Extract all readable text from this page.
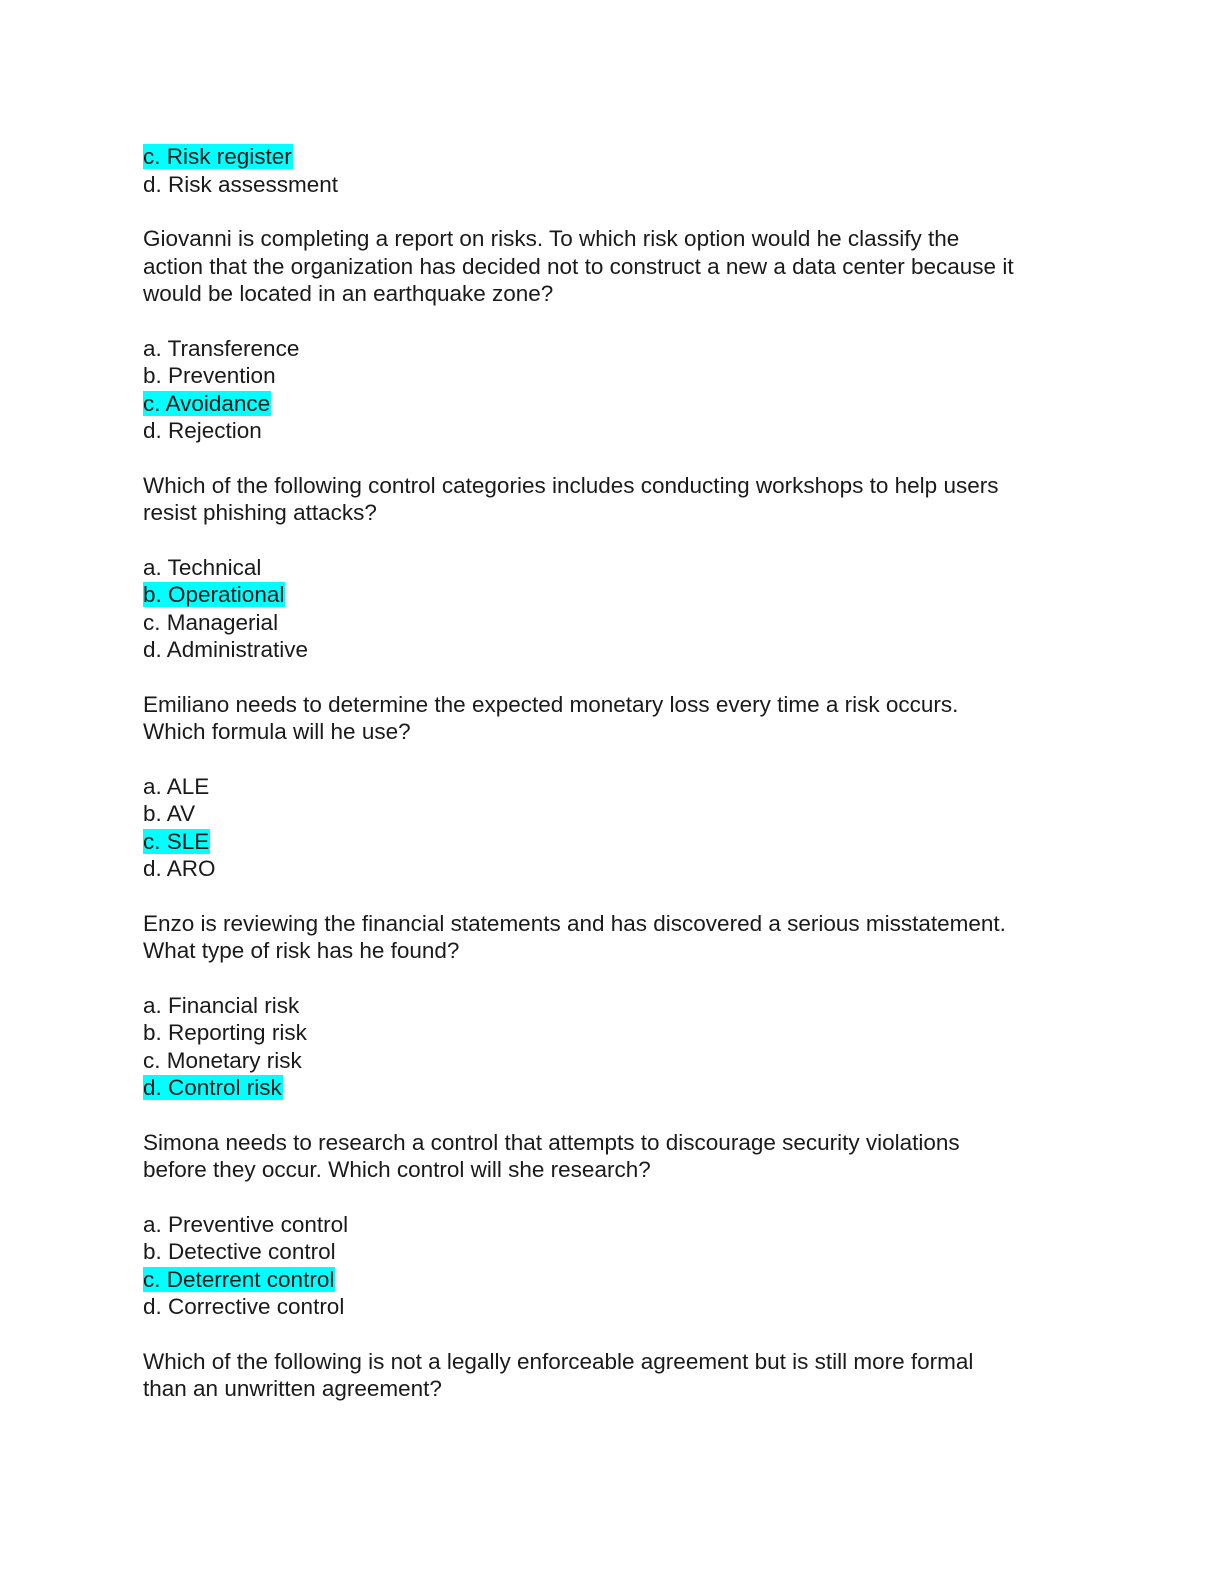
c. Risk register
d. Risk assessment
Giovanni is completing a report on risks. To which risk option would he classify the
action that the organization has decided not to construct a new a data center because it
would be located in an earthquake zone?
a. Transference
b. Prevention
c. Avoidance
d. Rejection
Which of the following control categories includes conducting workshops to help users
resist phishing attacks?
a. Technical
b. Operational
c. Managerial
d. Administrative
Emiliano needs to determine the expected monetary loss every time a risk occurs.
Which formula will he use?
a. ALE
b. AV
c. SLE
d. ARO
Enzo is reviewing the financial statements and has discovered a serious misstatement.
What type of risk has he found?
a. Financial risk
b. Reporting risk
c. Monetary risk
d. Control risk
Simona needs to research a control that attempts to discourage security violations
before they occur. Which control will she research?
a. Preventive control
b. Detective control
c. Deterrent control
d. Corrective control
Which of the following is not a legally enforceable agreement but is still more formal
than an unwritten agreement?
